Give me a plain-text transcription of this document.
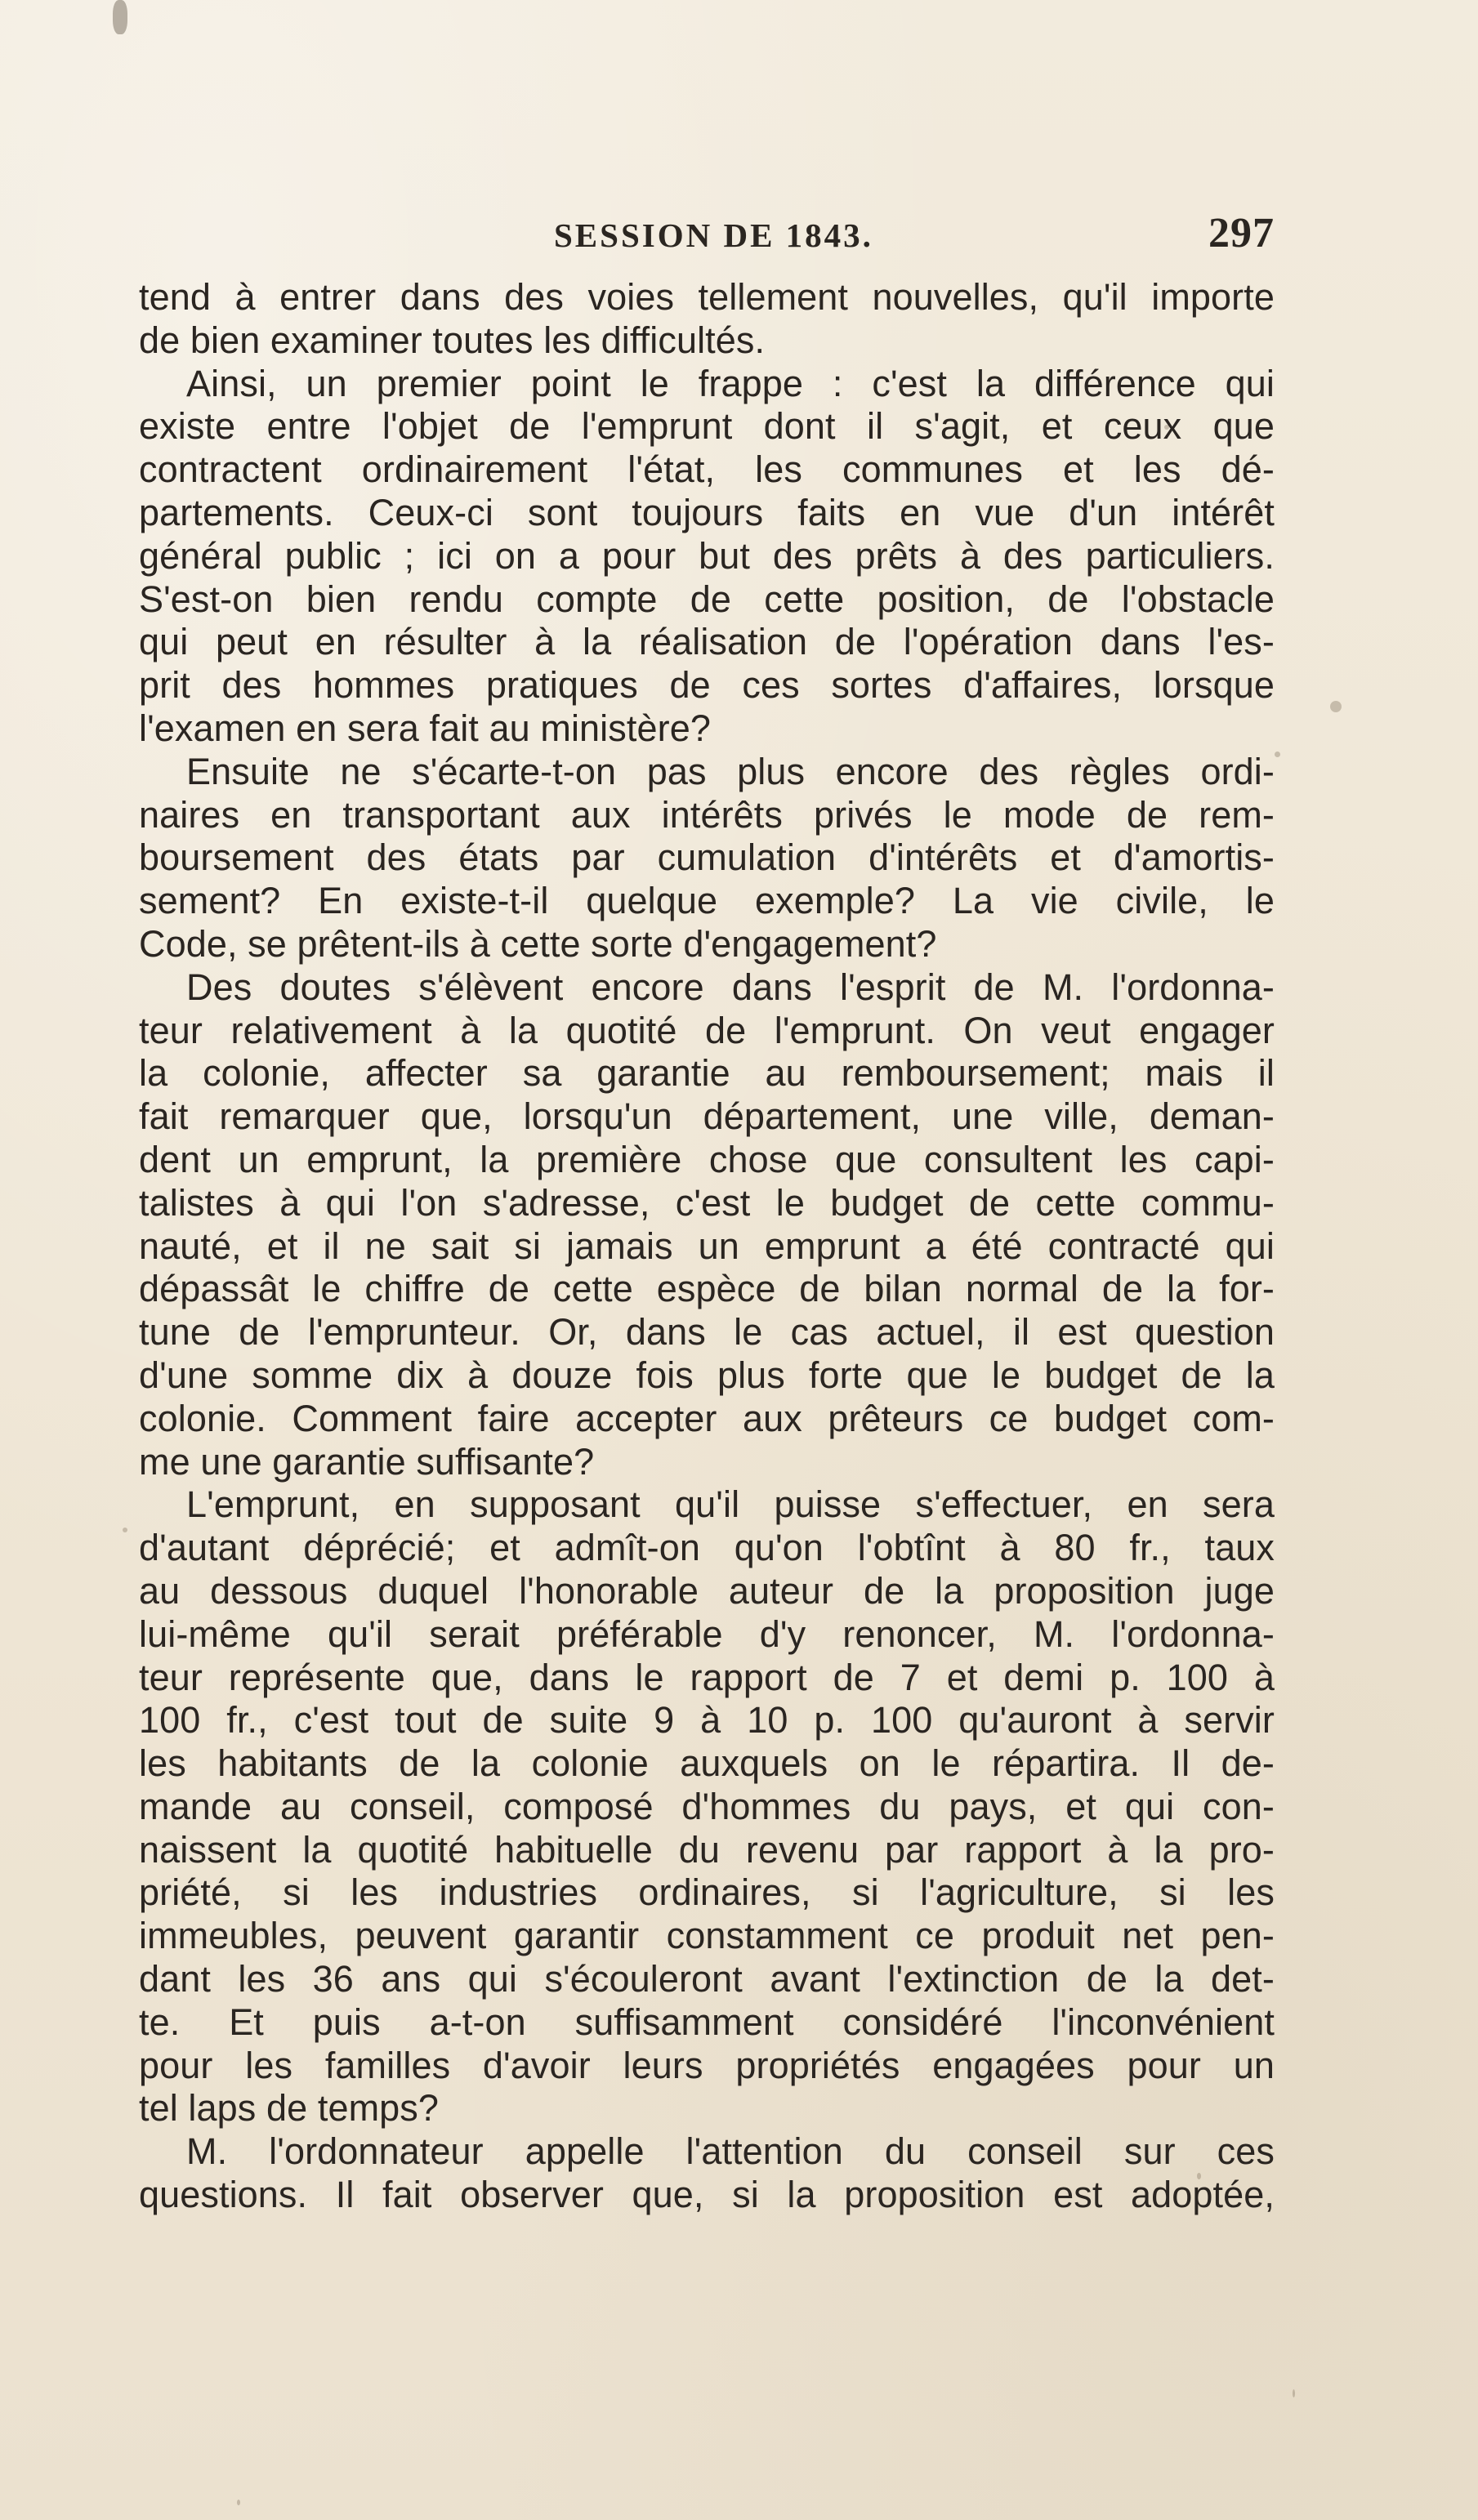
SESSION DE 1843.	297
tend à entrer dans des voies tellement nouvelles, qu'il importe
de bien examiner toutes les difficultés.
Ainsi, un premier point le frappe : c'est la différence qui
existe entre l'objet de l'emprunt dont il s'agit, et ceux que
contractent ordinairement l'état, les communes et les dé-
partements. Ceux-ci sont toujours faits en vue d'un intérêt
général public ; ici on a pour but des prêts à des particuliers.
S'est-on bien rendu compte de cette position, de l'obstacle
qui peut en résulter à la réalisation de l'opération dans l'es-
prit des hommes pratiques de ces sortes d'affaires, lorsque
l'examen en sera fait au ministère?
Ensuite ne s'écarte-t-on pas plus encore des règles ordi-
naires en transportant aux intérêts privés le mode de rem-
boursement des états par cumulation d'intérêts et d'amortis-
sement? En existe-t-il quelque exemple? La vie civile, le
Code, se prêtent-ils à cette sorte d'engagement?
Des doutes s'élèvent encore dans l'esprit de M. l'ordonna-
teur relativement à la quotité de l'emprunt. On veut engager
la colonie, affecter sa garantie au remboursement; mais il
fait remarquer que, lorsqu'un département, une ville, deman-
dent un emprunt, la première chose que consultent les capi-
talistes à qui l'on s'adresse, c'est le budget de cette commu-
nauté, et il ne sait si jamais un emprunt a été contracté qui
dépassât le chiffre de cette espèce de bilan normal de la for-
tune de l'emprunteur. Or, dans le cas actuel, il est question
d'une somme dix à douze fois plus forte que le budget de la
colonie. Comment faire accepter aux prêteurs ce budget com-
me une garantie suffisante?
L'emprunt, en supposant qu'il puisse s'effectuer, en sera
d'autant déprécié; et admît-on qu'on l'obtînt à 80 fr., taux
au dessous duquel l'honorable auteur de la proposition juge
lui-même qu'il serait préférable d'y renoncer, M. l'ordonna-
teur représente que, dans le rapport de 7 et demi p. 100 à
100 fr., c'est tout de suite 9 à 10 p. 100 qu'auront à servir
les habitants de la colonie auxquels on le répartira. Il de-
mande au conseil, composé d'hommes du pays, et qui con-
naissent la quotité habituelle du revenu par rapport à la pro-
priété, si les industries ordinaires, si l'agriculture, si les
immeubles, peuvent garantir constamment ce produit net pen-
dant les 36 ans qui s'écouleront avant l'extinction de la det-
te. Et puis a-t-on suffisamment considéré l'inconvénient
pour les familles d'avoir leurs propriétés engagées pour un
tel laps de temps?
M. l'ordonnateur appelle l'attention du conseil sur ces
questions. Il fait observer que, si la proposition est adoptée,
